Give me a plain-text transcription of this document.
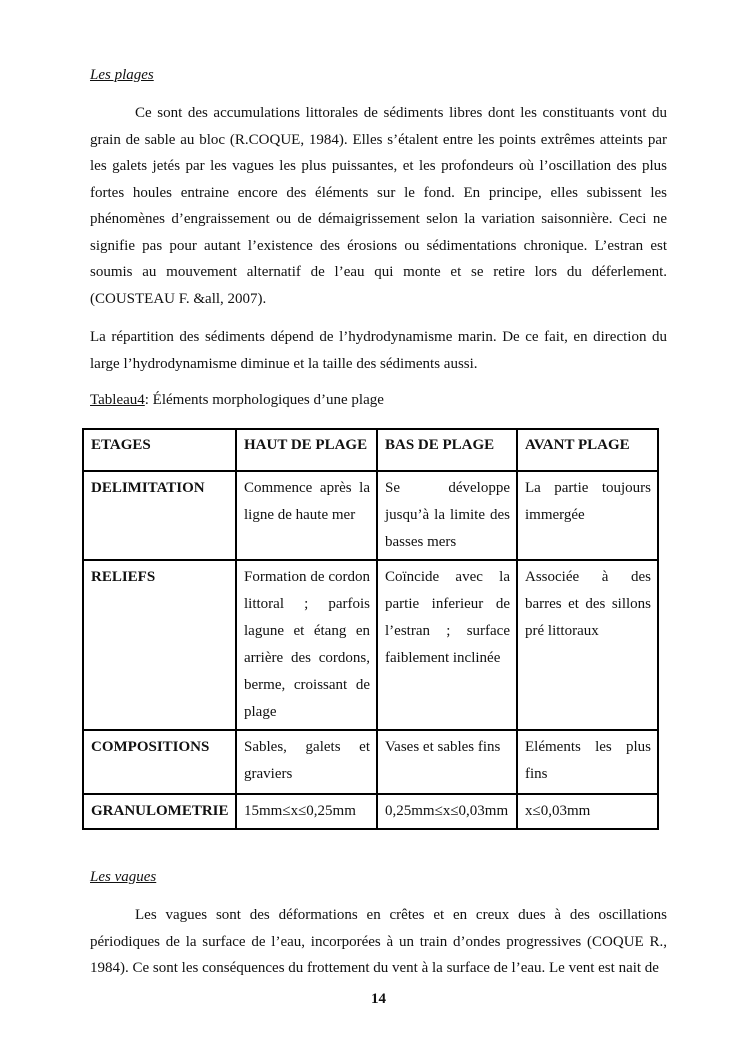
Les plages

Ce sont des accumulations littorales de sédiments libres dont les constituants vont du grain de sable au bloc (R.COQUE, 1984). Elles s’étalent entre les points extrêmes atteints par les galets jetés par les vagues les plus puissantes, et les profondeurs où l’oscillation des plus fortes houles entraine encore des éléments sur le fond. En principe, elles subissent les phénomènes d’engraissement ou de démaigrissement selon la variation saisonnière. Ceci ne signifie pas pour autant l’existence des érosions ou sédimentations chronique. L’estran est soumis au mouvement alternatif de l’eau qui monte et se retire lors du déferlement. (COUSTEAU F. &all, 2007).

La répartition des sédiments dépend de l’hydrodynamisme marin. De ce fait, en direction du large l’hydrodynamisme diminue et la taille des sédiments aussi.

Tableau4: Éléments morphologiques d’une plage

ETAGES	HAUT DE PLAGE	BAS DE PLAGE	AVANT PLAGE
DELIMITATION	Commence après la ligne de haute mer	Se développe jusqu’à la limite des basses mers	La partie toujours immergée
RELIEFS	Formation de cordon littoral ; parfois lagune et étang en arrière des cordons, berme, croissant de plage	Coïncide avec la partie inferieur de l’estran ; surface faiblement inclinée	Associée à des barres et des sillons pré littoraux
COMPOSITIONS	Sables, galets et graviers	Vases et sables fins	Eléments les plus fins
GRANULOMETRIE	15mm≤x≤0,25mm	0,25mm≤x≤0,03mm	x≤0,03mm
Les vagues

Les vagues sont des déformations en crêtes et en creux dues à des oscillations périodiques de la surface de l’eau, incorporées à un train d’ondes progressives (COQUE R., 1984). Ce sont les conséquences du frottement du vent à la surface de l’eau. Le vent est nait de

14
